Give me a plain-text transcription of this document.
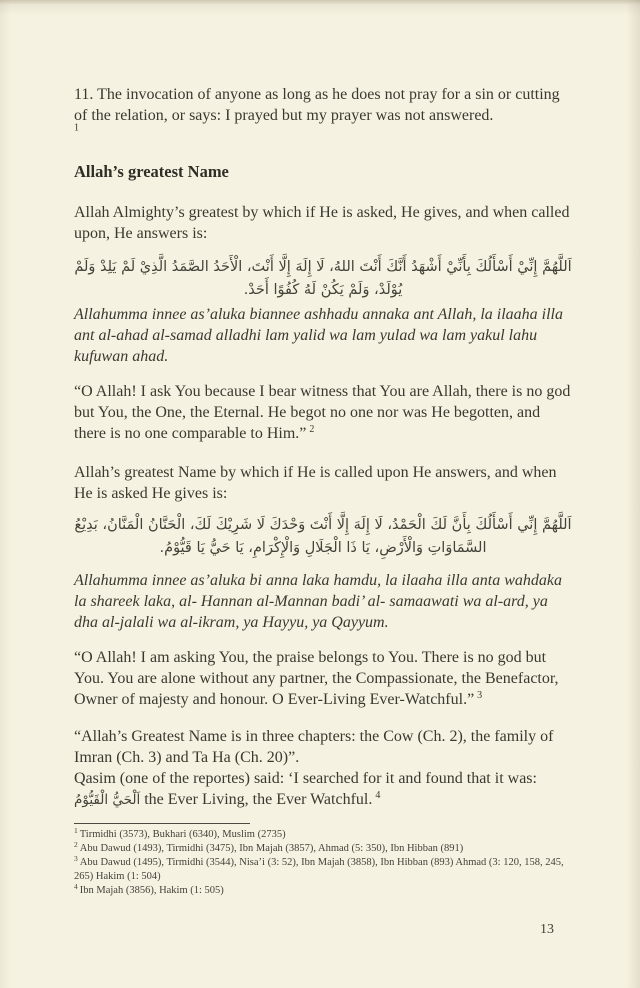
11. The invocation of anyone as long as he does not pray for a sin or cutting of the relation, or says: I prayed but my prayer was not answered.
$^1$
Allah’s greatest Name
Allah Almighty’s greatest by which if He is asked, He gives, and when called upon, He answers is:
اَللَّهُمَّ إِنِّيْ أَسْأَلُكَ بِأَنِّيْ أَشْهَدُ أَنَّكَ أَنْتَ اللهُ، لَا إِلَهَ إِلَّا أَنْتَ، الْأَحَدُ الصَّمَدُ الَّذِيْ لَمْ يَلِدْ وَلَمْ يُوْلَدْ، وَلَمْ يَكُنْ لَهُ كُفُوًا أَحَدْ.
Allahumma innee as’aluka biannee ashhadu annaka ant Allah, la ilaaha illa ant al-ahad al-samad alladhi lam yalid wa lam yulad wa lam yakul lahu kufuwan ahad.
“O Allah! I ask You because I bear witness that You are Allah, there is no god but You, the One, the Eternal. He begot no one nor was He begotten, and there is no one comparable to Him.” $^2$
Allah’s greatest Name by which if He is called upon He answers, and when He is asked He gives is:
اَللَّهُمَّ إِنِّي أَسْأَلُكَ بِأَنَّ لَكَ الْحَمْدُ، لَا إِلَهَ إِلَّا أَنْتَ وَحْدَكَ لَا شَرِيْكَ لَكَ، الْحَنَّانُ الْمَنَّانُ، بَدِيْعُ السَّمَاوَاتِ وَالْأَرْضِ، يَا ذَا الْجَلَالِ وَالْإِكْرَامِ، يَا حَيُّ يَا قَيُّوْمُ.
Allahumma innee as’aluka bi anna laka hamdu, la ilaaha illa anta wahdaka la shareek laka, al- Hannan al-Mannan badi’ al- samaawati wa al-ard, ya dha al-jalali wa al-ikram, ya Hayyu, ya Qayyum.
“O Allah! I am asking You, the praise belongs to You. There is no god but You. You are alone without any partner, the Compassionate, the Benefactor, Owner of majesty and honour. O Ever-Living Ever-Watchful.” $^3$
“Allah’s Greatest Name is in three chapters: the Cow (Ch. 2), the family of Imran (Ch. 3) and Ta Ha (Ch. 20)”.
Qasim (one of the reportes) said: ‘I searched for it and found that it was:
اَلْحَيُّ الْقَيُّوْمُ the Ever Living, the Ever Watchful. $^4$
$^1$ Tirmidhi (3573), Bukhari (6340), Muslim (2735)
$^2$ Abu Dawud (1493), Tirmidhi (3475), Ibn Majah (3857), Ahmad (5: 350), Ibn Hibban (891)
$^3$ Abu Dawud (1495), Tirmidhi (3544), Nisa’i (3: 52), Ibn Majah (3858), Ibn Hibban (893) Ahmad (3: 120, 158, 245, 265) Hakim (1: 504)
$^4$ Ibn Majah (3856), Hakim (1: 505)
13
